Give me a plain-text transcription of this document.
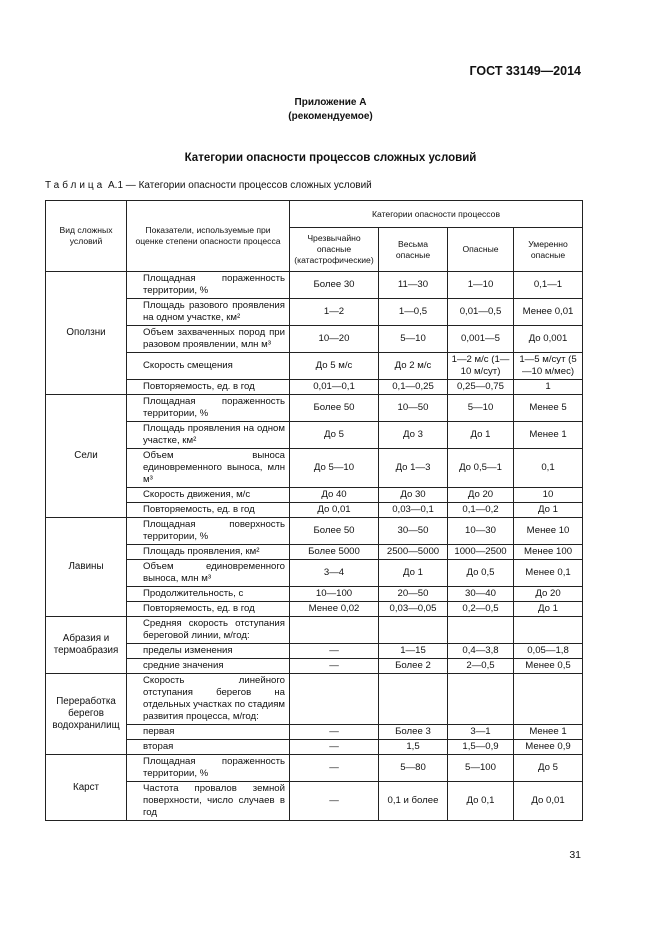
ГОСТ 33149—2014
Приложение А
(рекомендуемое)
Категории опасности процессов сложных условий
Таблица А.1 — Категории опасности процессов сложных условий
Вид сложных условий	Показатели, используемые при оценке степени опасности процесса	Категории опасности процессов			
		Чрезвычайно опасные (катастрофические)	Весьма опасные	Опасные	Умеренно опасные
Оползни	Площадная пораженность территории, %	Более 30	11—30	1—10	0,1—1
	Площадь разового проявления на одном участке, км²	1—2	1—0,5	0,01—0,5	Менее 0,01
	Объем захваченных пород при разовом проявлении, млн м³	10—20	5—10	0,001—5	До 0,001
	Скорость смещения	До 5 м/с	До 2 м/с	1—2 м/с (1—10 м/сут)	1—5 м/сут (5—10 м/мес)
	Повторяемость, ед. в год	0,01—0,1	0,1—0,25	0,25—0,75	1
Сели	Площадная пораженность территории, %	Более 50	10—50	5—10	Менее 5
	Площадь проявления на одном участке, км²	До 5	До 3	До 1	Менее 1
	Объем выноса единовременного выноса, млн м³	До 5—10	До 1—3	До 0,5—1	0,1
	Скорость движения, м/с	До 40	До 30	До 20	10
	Повторяемость, ед. в год	До 0,01	0,03—0,1	0,1—0,2	До 1
Лавины	Площадная поверхность территории, %	Более 50	30—50	10—30	Менее 10
	Площадь проявления, км²	Более 5000	2500—5000	1000—2500	Менее 100
	Объем единовременного выноса, млн м³	3—4	До 1	До 0,5	Менее 0,1
	Продолжительность, с	10—100	20—50	30—40	До 20
	Повторяемость, ед. в год	Менее 0,02	0,03—0,05	0,2—0,5	До 1
Абразия и термоабразия	Средняя скорость отступания береговой линии, м/год:				
	пределы изменения	—	1—15	0,4—3,8	0,05—1,8
	средние значения	—	Более 2	2—0,5	Менее 0,5
Переработка берегов водохранилищ	Скорость линейного отступания берегов на отдельных участках по стадиям развития процесса, м/год:				
	первая	—	Более 3	3—1	Менее 1
	вторая	—	1,5	1,5—0,9	Менее 0,9
Карст	Площадная пораженность территории, %	—	5—80	5—100	До 5
	Частота провалов земной поверхности, число случаев в год	—	0,1 и более	До 0,1	До 0,01
31
